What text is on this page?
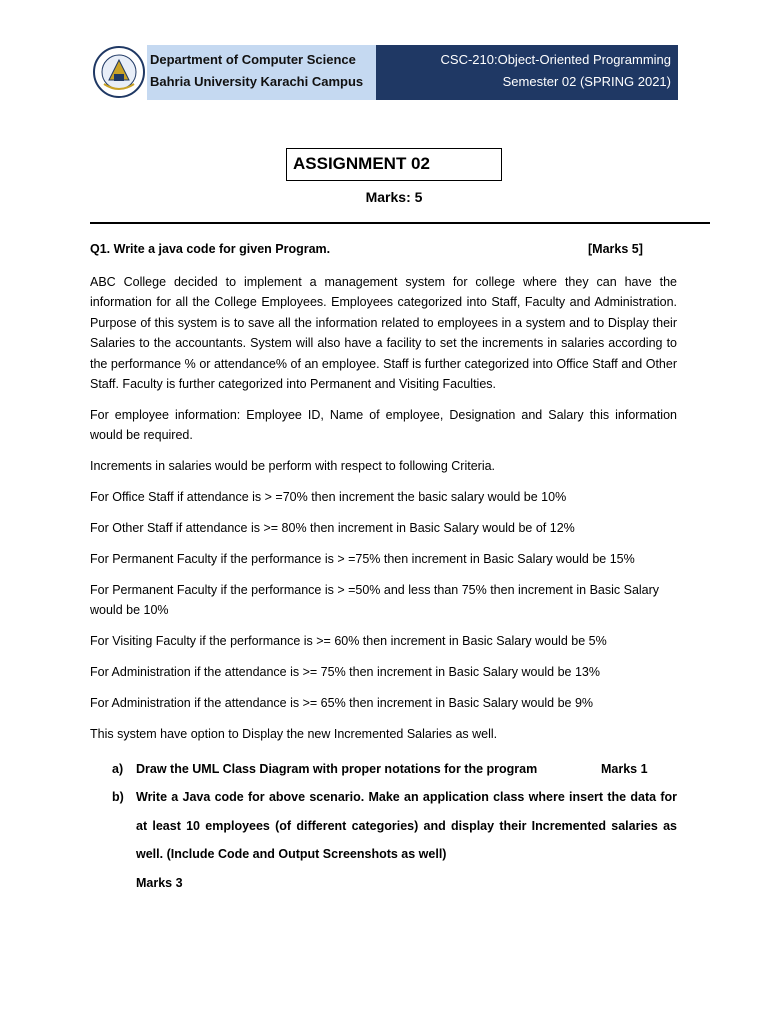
Department of Computer Science
Bahria University Karachi Campus
CSC-210:Object-Oriented Programming
Semester 02 (SPRING 2021)
ASSIGNMENT 02
Marks: 5
Q1. Write a java code for given Program.	[Marks 5]

ABC College decided to implement a management system for college where they can have the information for all the College Employees. Employees categorized into Staff, Faculty and Administration. Purpose of this system is to save all the information related to employees in a system and to Display their Salaries to the accountants. System will also have a facility to set the increments in salaries according to the performance % or attendance% of an employee. Staff is further categorized into Office Staff and Other Staff. Faculty is further categorized into Permanent and Visiting Faculties.

For employee information: Employee ID, Name of employee, Designation and Salary this information would be required.

Increments in salaries would be perform with respect to following Criteria.

For Office Staff if attendance is > =70% then increment the basic salary would be 10%

For Other Staff if attendance is >= 80% then increment in Basic Salary would be of 12%

For Permanent Faculty if the performance is > =75% then increment in Basic Salary would be 15%

For Permanent Faculty if the performance is > =50% and less than 75% then increment in Basic Salary would be 10%

For Visiting Faculty if the performance is >= 60% then increment in Basic Salary would be 5%

For Administration if the attendance is >= 75% then increment in Basic Salary would be 13%

For Administration if the attendance is >= 65% then increment in Basic Salary would be 9%

This system have option to Display the new Incremented Salaries as well.

a) Draw the UML Class Diagram with proper notations for the program	Marks 1
b) Write a Java code for above scenario. Make an application class where insert the data for at least 10 employees (of different categories) and display their Incremented salaries as well. (Include Code and Output Screenshots as well)
Marks 3
